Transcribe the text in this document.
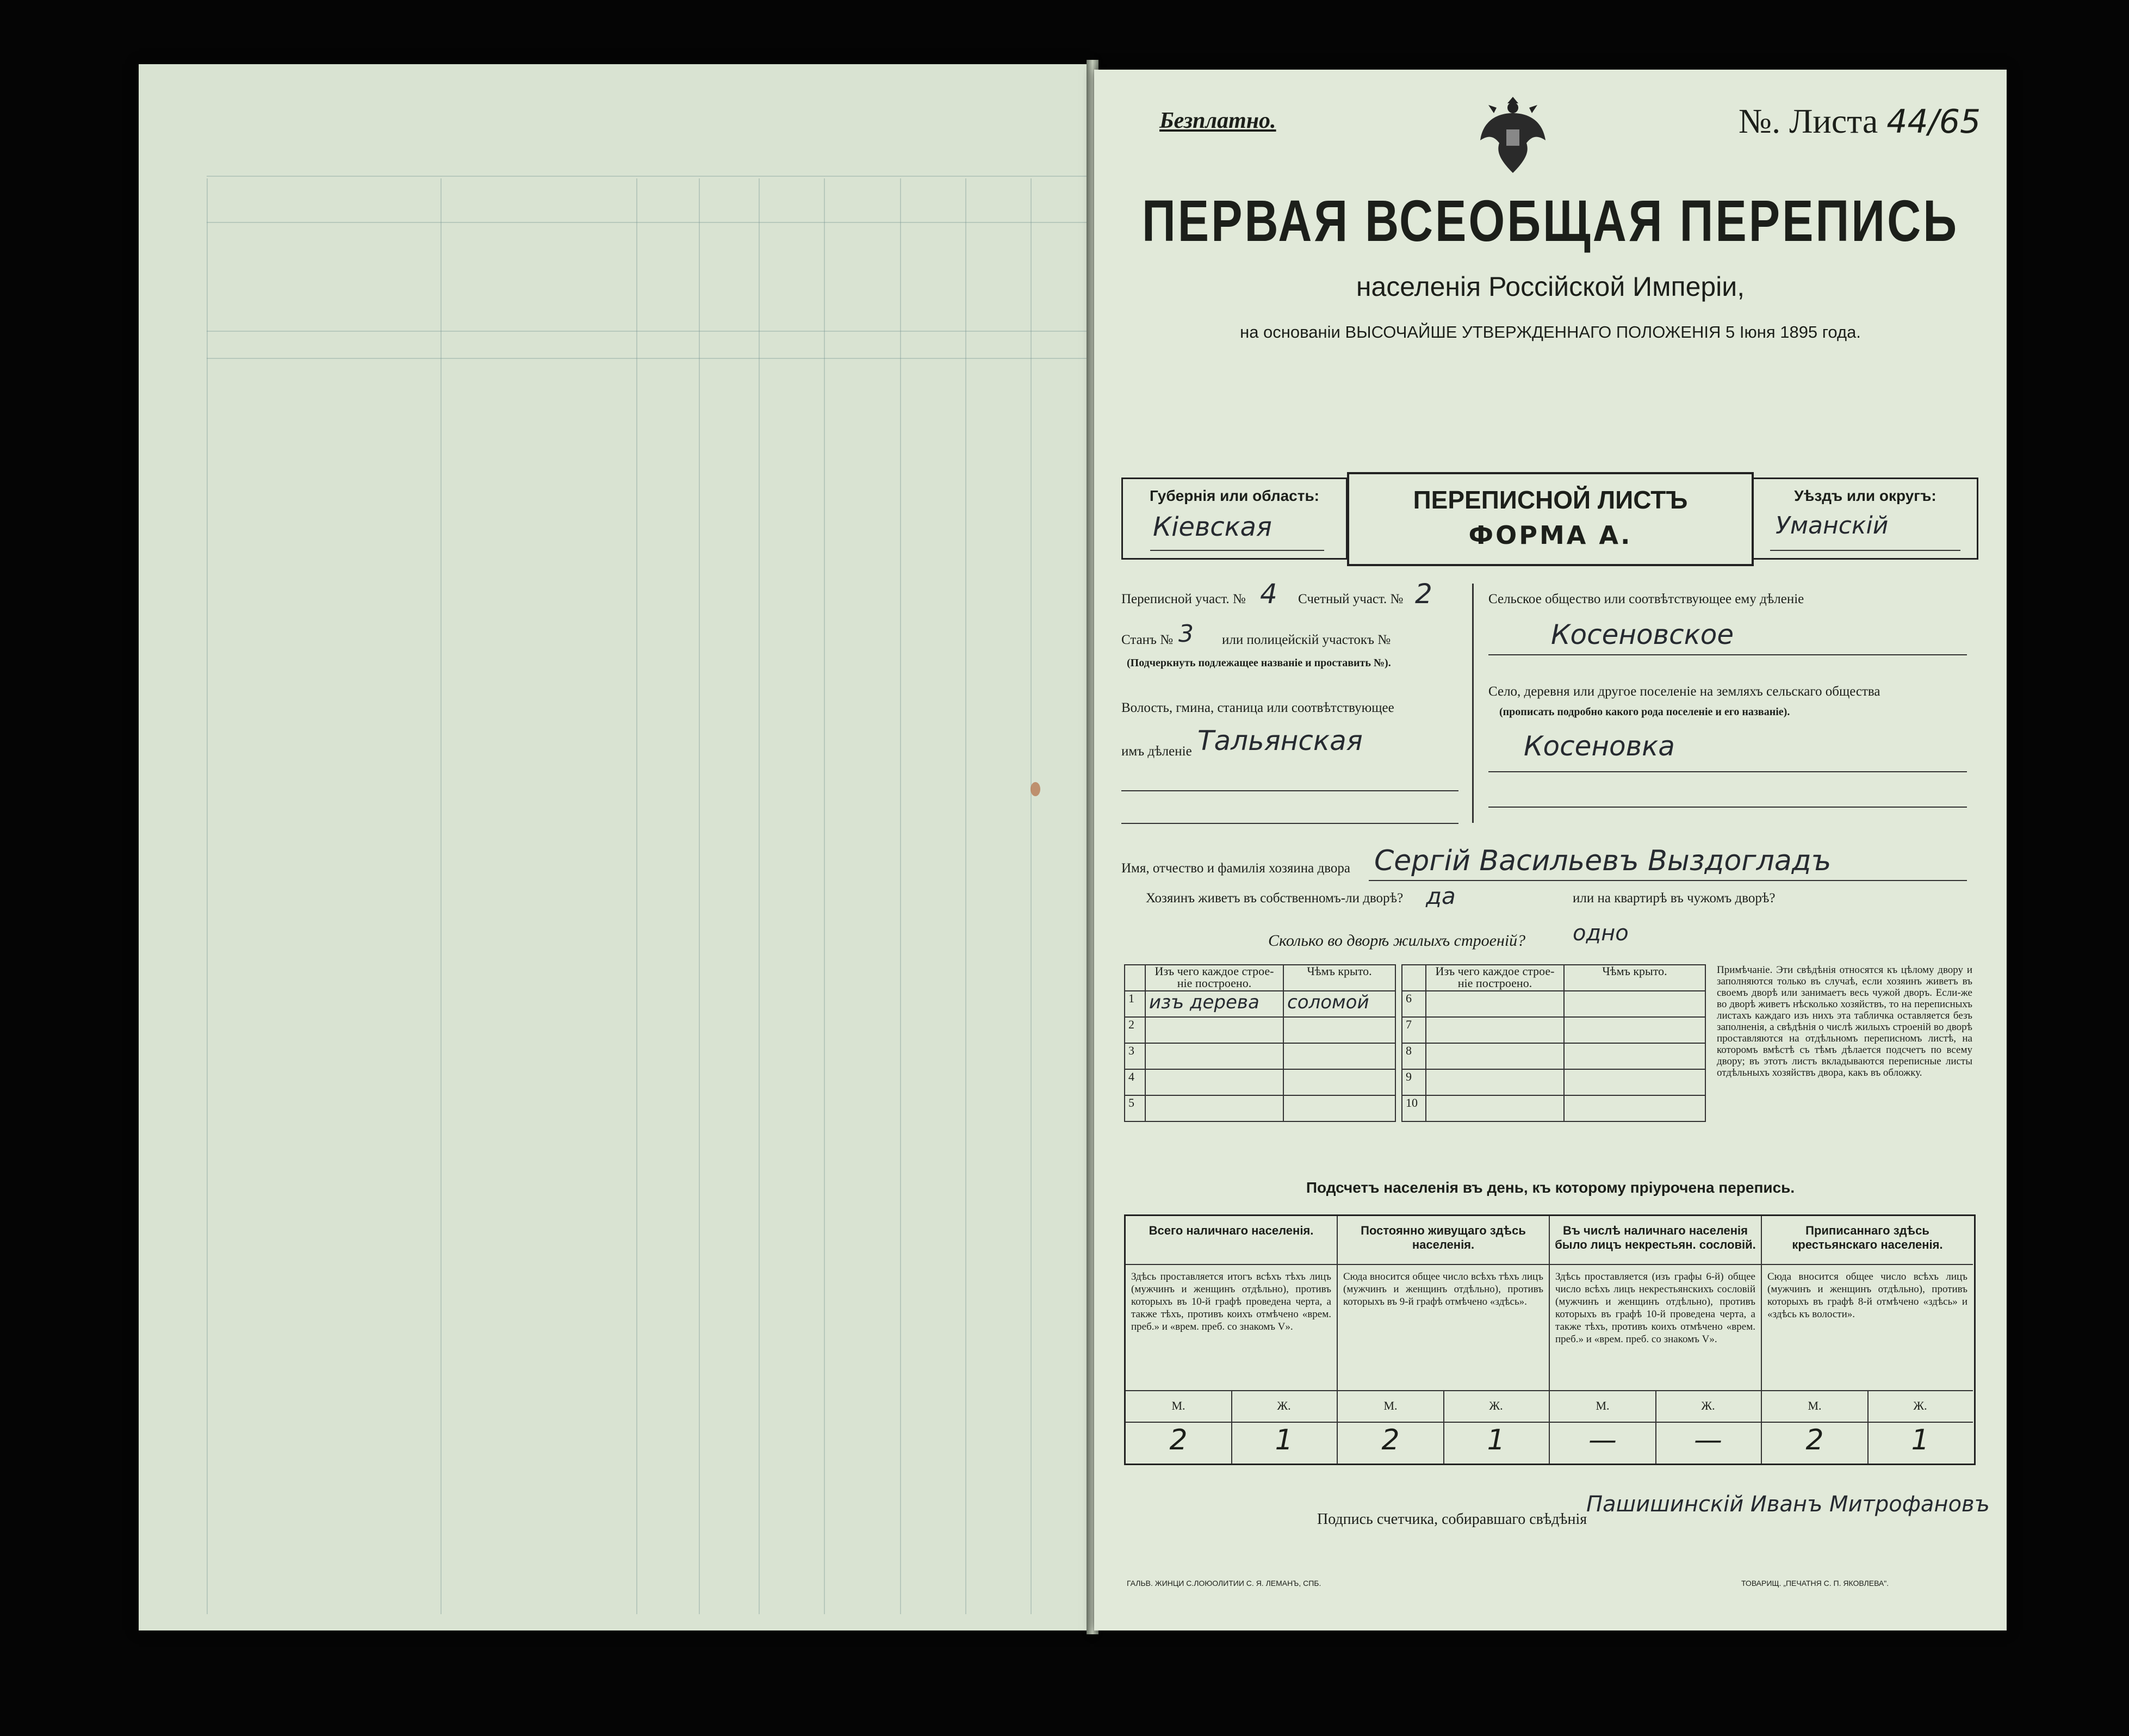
Безплатно.	№. Листа 44/65
ПЕРВАЯ ВСЕОБЩАЯ ПЕРЕПИСЬ
населенія Россійской Имперіи,
на основаніи ВЫСОЧАЙШЕ УТВЕРЖДЕННАГО ПОЛОЖЕНІЯ 5 Іюня 1895 года.
Губернія или область:
Кіевская
ПЕРЕПИСНОЙ ЛИСТЪ
ФОРМА А.
Уѣздъ или округъ:
Уманскій
Переписной участ. № 4 Счетный участ. № 2
Станъ № 3 или полицейскій участокъ №
(Подчеркнуть подлежащее названіе и проставить №).
Волость, гмина, станица или соотвѣтствующее
имъ дѣленіе Тальянская
Сельское общество или соотвѣтствующее ему дѣленіе
Косеновское
Село, деревня или другое поселеніе на земляхъ сельскаго общества
(прописать подробно какого рода поселеніе и его названіе).
Косеновка
Имя, отчество и фамилія хозяина двора Сергій Васильевъ Выздогладъ
Хозяинъ живетъ въ собственномъ-ли дворѣ? да	или на квартирѣ въ чужомъ дворѣ?
Сколько во дворѣ жилыхъ строеній? одно
	Изъ чего каждое строе-ніе построено.	Чѣмъ крыто.
1	изъ дерева	соломой
2		
3		
4		
5		
	Изъ чего каждое строе-ніе построено.	Чѣмъ крыто.
6		
7		
8		
9		
10		
Примѣчаніе. Эти свѣдѣнія относятся къ цѣлому двору и заполняются только въ случаѣ, если хозяинъ живетъ въ своемъ дворѣ или занимаетъ весь чужой дворъ. Если-же во дворѣ живетъ нѣсколько хозяйствъ, то на переписныхъ листахъ каждаго изъ нихъ эта табличка оставляется безъ заполненія, а свѣдѣнія о числѣ жилыхъ строеній во дворѣ проставляются на отдѣльномъ переписномъ листѣ, на которомъ вмѣстѣ съ тѣмъ дѣлается подсчетъ по всему двору; въ этотъ листъ вкладываются переписные листы отдѣльныхъ хозяйствъ двора, какъ въ обложку.
Подсчетъ населенія въ день, къ которому пріурочена перепись.
Всего наличнаго населенія.
Здѣсь проставляется итогъ всѣхъ тѣхъ лицъ (мужчинъ и женщинъ отдѣльно), противъ которыхъ въ 10-й графѣ проведена черта, а также тѣхъ, противъ коихъ отмѣчено «врем. преб.» и «врем. преб. со знакомъ V».
М.	Ж.
2	1
Постоянно живущаго здѣсь населенія.
Сюда вносится общее число всѣхъ тѣхъ лицъ (мужчинъ и женщинъ отдѣльно), противъ которыхъ въ 9-й графѣ отмѣчено «здѣсь».
М.	Ж.
2	1
Въ числѣ наличнаго населенія было лицъ некрестьян. сословій.
Здѣсь проставляется (изъ графы 6-й) общее число всѣхъ лицъ некрестьянскихъ сословій (мужчинъ и женщинъ отдѣльно), противъ которыхъ въ графѣ 10-й проведена черта, а также тѣхъ, противъ коихъ отмѣчено «врем. преб.» и «врем. преб. со знакомъ V».
М.	Ж.
—	—
Приписаннаго здѣсь крестьянскаго населенія.
Сюда вносится общее число всѣхъ лицъ (мужчинъ и женщинъ отдѣльно), противъ которыхъ въ графѣ 8-й отмѣчено «здѣсь» и «здѣсь къ волости».
М.	Ж.
2	1
Подпись счетчика, собиравшаго свѣдѣнія
Пашишинскій Иванъ Митрофановъ
ГАЛЬВ. ЖИНЦИ С.ЛОЮОЛИТИИ С. Я. ЛЕМАНЪ, СПБ.	ТОВАРИЩ. „ПЕЧАТНЯ С. П. ЯКОВЛЕВА".
